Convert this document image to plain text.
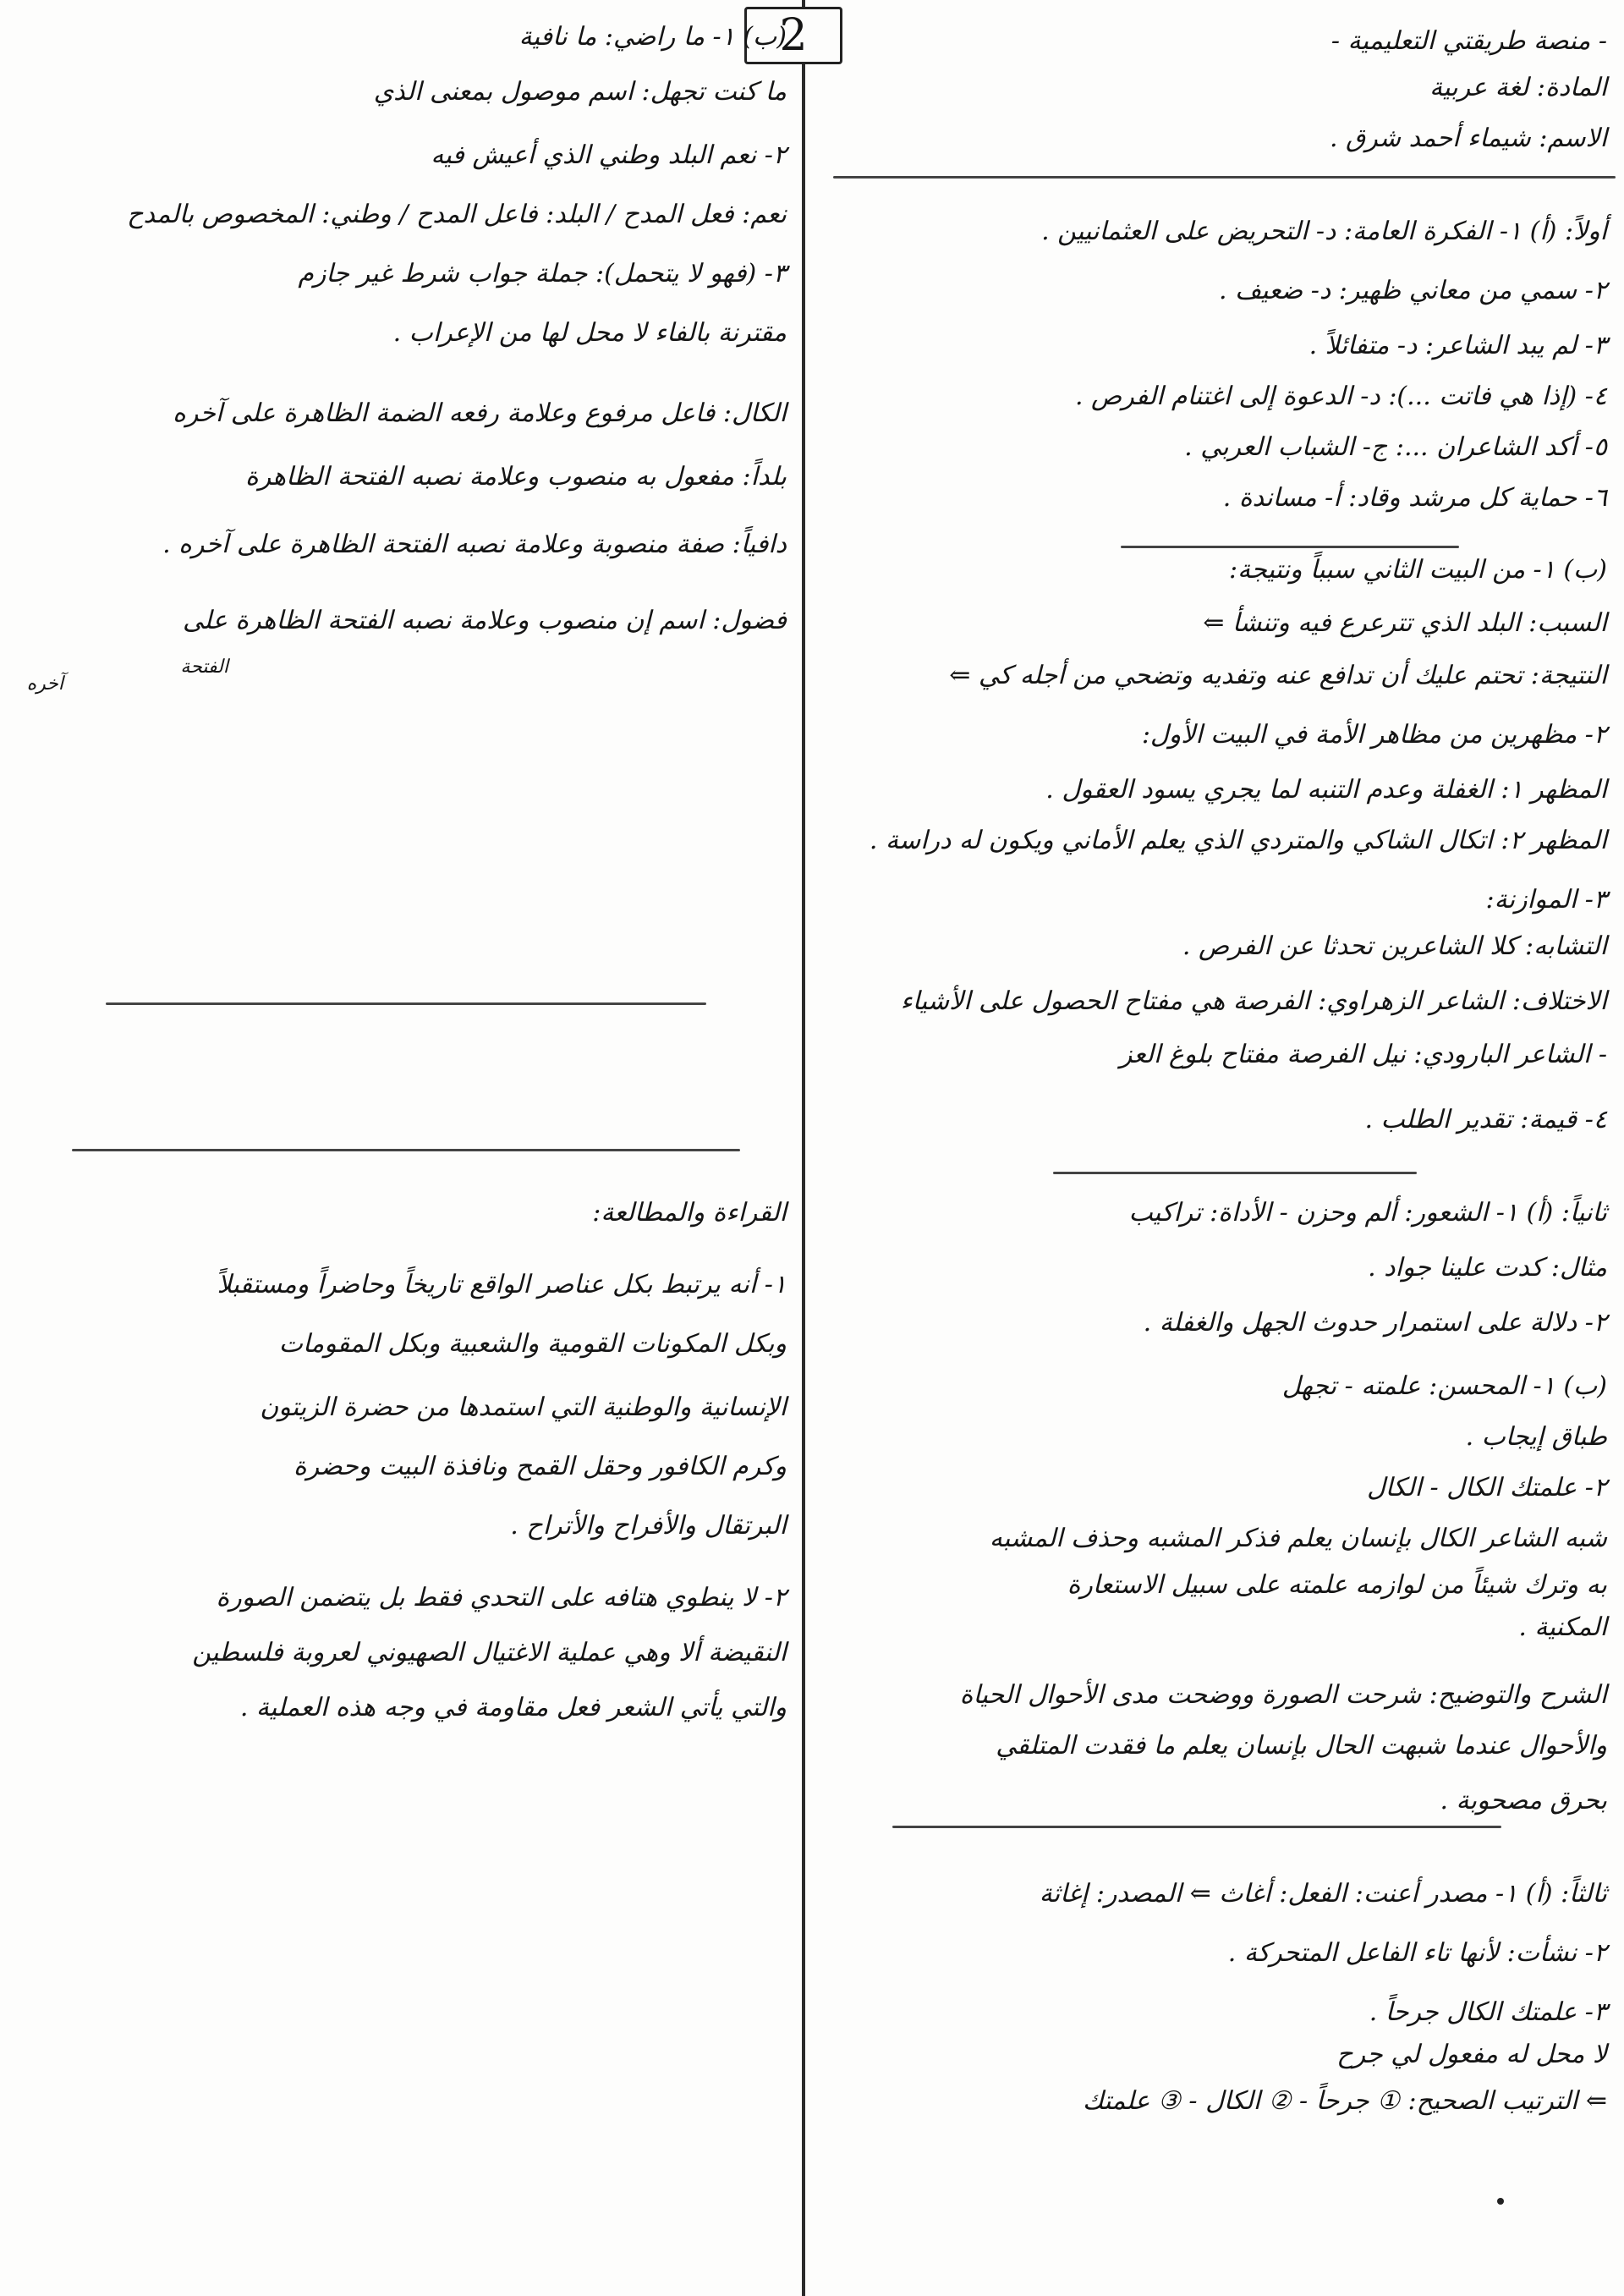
2	- منصة طريقتي التعليمية -
المادة: لغة عربية
الاسم: شيماء أحمد شرق .
أولاً: (أ) ١- الفكرة العامة: د- التحريض على العثمانيين .
٢- سمي من معاني ظهير: د- ضعيف .
٣- لم يبد الشاعر: د- متفائلاً .
٤- (إذا هي فاتت ...): د- الدعوة إلى اغتنام الفرص .
٥- أكد الشاعران ...: ج- الشباب العربي .
٦- حماية كل مرشد وقاد: أ- مساندة .
(ب) ١- من البيت الثاني سبباً ونتيجة:
السبب: البلد الذي تترعرع فيه وتنشأ ⇐
النتيجة: تحتم عليك أن تدافع عنه وتفديه وتضحي من أجله كي ⇐
٢- مظهرين من مظاهر الأمة في البيت الأول:
المظهر ١: الغفلة وعدم التنبه لما يجري يسود العقول .
المظهر ٢: اتكال الشاكي والمتردي الذي يعلم الأماني ويكون له دراسة .
٣- الموازنة:
التشابه: كلا الشاعرين تحدثا عن الفرص .
الاختلاف: الشاعر الزهراوي: الفرصة هي مفتاح الحصول على الأشياء
- الشاعر البارودي: نيل الفرصة مفتاح بلوغ العز
٤- قيمة: تقدير الطلب .
ثانياً: (أ) ١- الشعور: ألم وحزن - الأداة: تراكيب
مثال: كدت علينا جواد .
٢- دلالة على استمرار حدوث الجهل والغفلة .
(ب) ١- المحسن: علمته - تجهل
طباق إيجاب .
٢- علمتك الكال - الكال
شبه الشاعر الكال بإنسان يعلم فذكر المشبه وحذف المشبه
به وترك شيئاً من لوازمه علمته على سبيل الاستعارة
المكنية .
الشرح والتوضيح: شرحت الصورة ووضحت مدى الأحوال الحياة
والأحوال عندما شبهت الحال بإنسان يعلم ما فقدت المتلقي
بحرق مصحوبة .
ثالثاً: (أ) ١- مصدر أعنت: الفعل: أغاث ⇐ المصدر: إغاثة
٢- نشأت: لأنها تاء الفاعل المتحركة .
٣- علمتك الكال جرحاً .
لا محل له مفعول لي جرح
⇐ الترتيب الصحيح: ① جرحاً - ② الكال - ③ علمتك
(ب) ١- ما راضي: ما نافية
ما كنت تجهل: اسم موصول بمعنى الذي
٢- نعم البلد وطني الذي أعيش فيه
نعم: فعل المدح / البلد: فاعل المدح / وطني: المخصوص بالمدح
٣- (فهو لا يتحمل): جملة جواب شرط غير جازم
مقترنة بالفاء لا محل لها من الإعراب .
الكال: فاعل مرفوع وعلامة رفعه الضمة الظاهرة على آخره
بلداً: مفعول به منصوب وعلامة نصبه الفتحة الظاهرة
دافياً: صفة منصوبة وعلامة نصبه الفتحة الظاهرة على آخره .
فضول: اسم إن منصوب وعلامة نصبه الفتحة الظاهرة على
الفتحة
آخره
القراءة والمطالعة:
١- أنه يرتبط بكل عناصر الواقع تاريخاً وحاضراً ومستقبلاً
وبكل المكونات القومية والشعبية وبكل المقومات
الإنسانية والوطنية التي استمدها من حضرة الزيتون
وكرم الكافور وحقل القمح ونافذة البيت وحضرة
البرتقال والأفراح والأتراح .
٢- لا ينطوي هتافه على التحدي فقط بل يتضمن الصورة
النقيضة ألا وهي عملية الاغتيال الصهيوني لعروبة فلسطين
والتي يأتي الشعر فعل مقاومة في وجه هذه العملية .
